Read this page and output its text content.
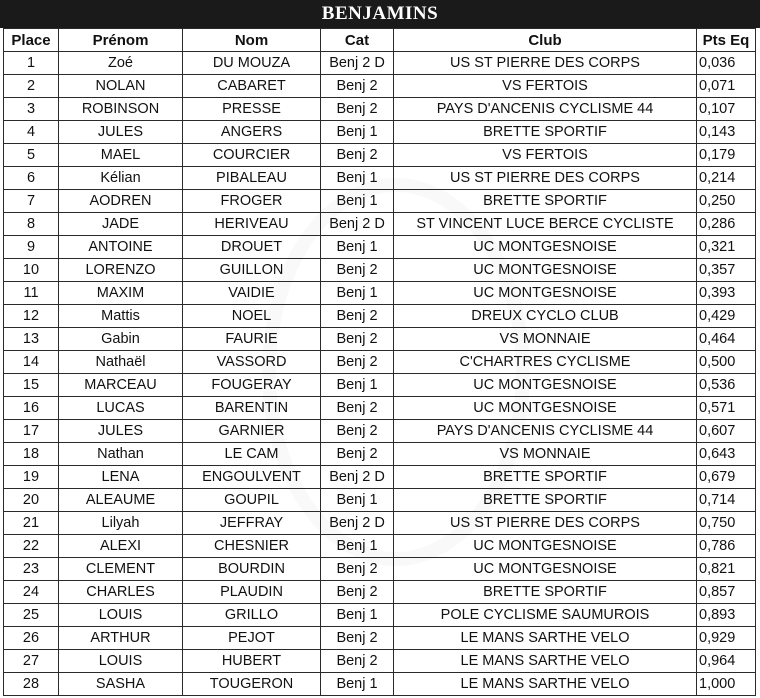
BENJAMINS
Place	Prénom	Nom	Cat	Club	Pts Eq
1	Zoé	DU MOUZA	Benj 2 D	US ST PIERRE DES CORPS	0,036
2	NOLAN	CABARET	Benj 2	VS FERTOIS	0,071
3	ROBINSON	PRESSE	Benj 2	PAYS D'ANCENIS CYCLISME 44	0,107
4	JULES	ANGERS	Benj 1	BRETTE SPORTIF	0,143
5	MAEL	COURCIER	Benj 2	VS FERTOIS	0,179
6	Kélian	PIBALEAU	Benj 1	US ST PIERRE DES CORPS	0,214
7	AODREN	FROGER	Benj 1	BRETTE SPORTIF	0,250
8	JADE	HERIVEAU	Benj 2 D	ST VINCENT LUCE BERCE CYCLISTE	0,286
9	ANTOINE	DROUET	Benj 1	UC MONTGESNOISE	0,321
10	LORENZO	GUILLON	Benj 2	UC MONTGESNOISE	0,357
11	MAXIM	VAIDIE	Benj 1	UC MONTGESNOISE	0,393
12	Mattis	NOEL	Benj 2	DREUX CYCLO CLUB	0,429
13	Gabin	FAURIE	Benj 2	VS MONNAIE	0,464
14	Nathaël	VASSORD	Benj 2	C'CHARTRES CYCLISME	0,500
15	MARCEAU	FOUGERAY	Benj 1	UC MONTGESNOISE	0,536
16	LUCAS	BARENTIN	Benj 2	UC MONTGESNOISE	0,571
17	JULES	GARNIER	Benj 2	PAYS D'ANCENIS CYCLISME 44	0,607
18	Nathan	LE CAM	Benj 2	VS MONNAIE	0,643
19	LENA	ENGOULVENT	Benj 2 D	BRETTE SPORTIF	0,679
20	ALEAUME	GOUPIL	Benj 1	BRETTE SPORTIF	0,714
21	Lilyah	JEFFRAY	Benj 2 D	US ST PIERRE DES CORPS	0,750
22	ALEXI	CHESNIER	Benj 1	UC MONTGESNOISE	0,786
23	CLEMENT	BOURDIN	Benj 2	UC MONTGESNOISE	0,821
24	CHARLES	PLAUDIN	Benj 2	BRETTE SPORTIF	0,857
25	LOUIS	GRILLO	Benj 1	POLE CYCLISME SAUMUROIS	0,893
26	ARTHUR	PEJOT	Benj 2	LE MANS SARTHE VELO	0,929
27	LOUIS	HUBERT	Benj 2	LE MANS SARTHE VELO	0,964
28	SASHA	TOUGERON	Benj 1	LE MANS SARTHE VELO	1,000
